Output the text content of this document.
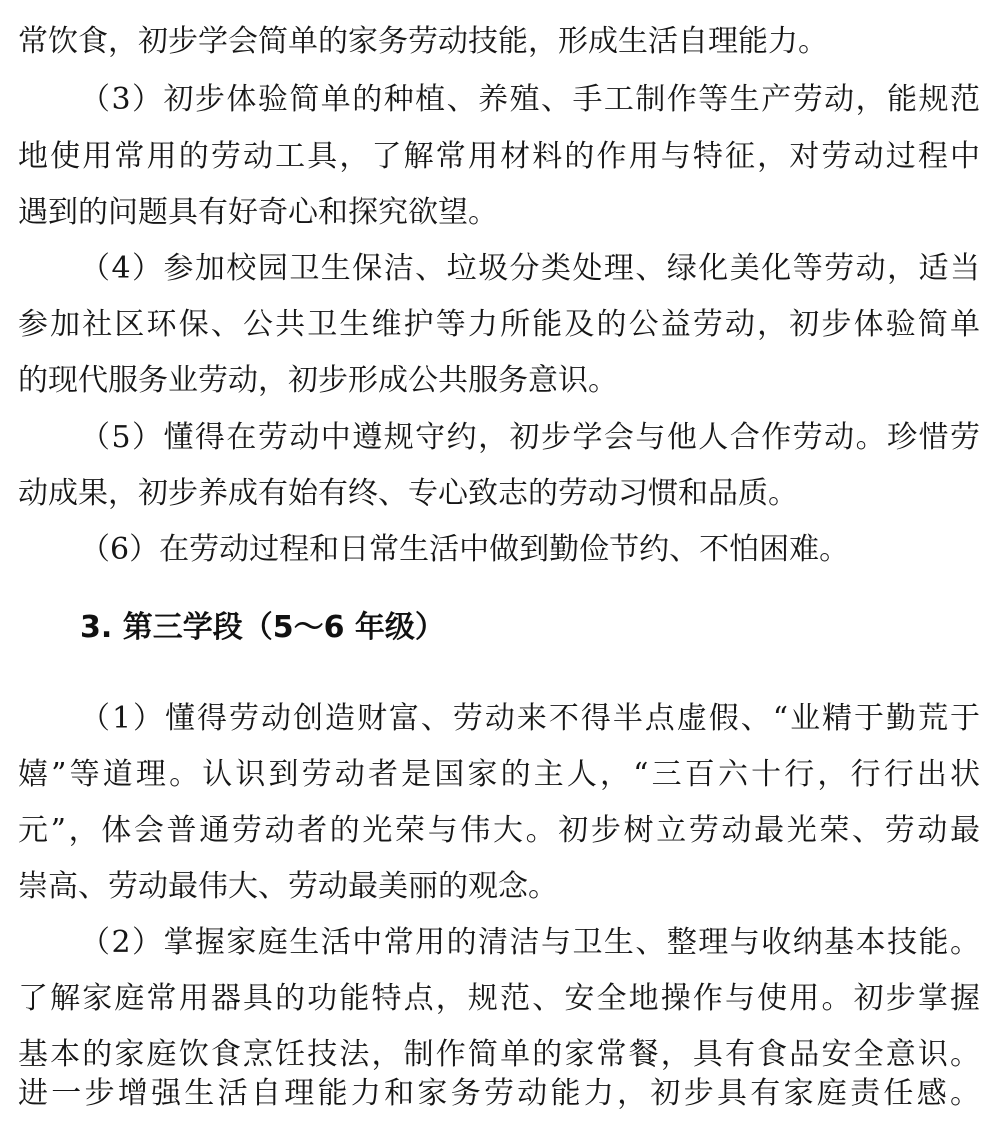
常饮食，初步学会简单的家务劳动技能，形成生活自理能力。
（3）初步体验简单的种植、养殖、手工制作等生产劳动，能规范
地使用常用的劳动工具，了解常用材料的作用与特征，对劳动过程中
遇到的问题具有好奇心和探究欲望。
（4）参加校园卫生保洁、垃圾分类处理、绿化美化等劳动，适当
参加社区环保、公共卫生维护等力所能及的公益劳动，初步体验简单
的现代服务业劳动，初步形成公共服务意识。
（5）懂得在劳动中遵规守约，初步学会与他人合作劳动。珍惜劳
动成果，初步养成有始有终、专心致志的劳动习惯和品质。
（6）在劳动过程和日常生活中做到勤俭节约、不怕困难。
3. 第三学段（5～6 年级）
（1）懂得劳动创造财富、劳动来不得半点虚假、“业精于勤荒于
嬉”等道理。认识到劳动者是国家的主人，“三百六十行，行行出状
元”，体会普通劳动者的光荣与伟大。初步树立劳动最光荣、劳动最
崇高、劳动最伟大、劳动最美丽的观念。
（2）掌握家庭生活中常用的清洁与卫生、整理与收纳基本技能。
了解家庭常用器具的功能特点，规范、安全地操作与使用。初步掌握
基本的家庭饮食烹饪技法，制作简单的家常餐，具有食品安全意识。
进一步增强生活自理能力和家务劳动能力，初步具有家庭责任感。
